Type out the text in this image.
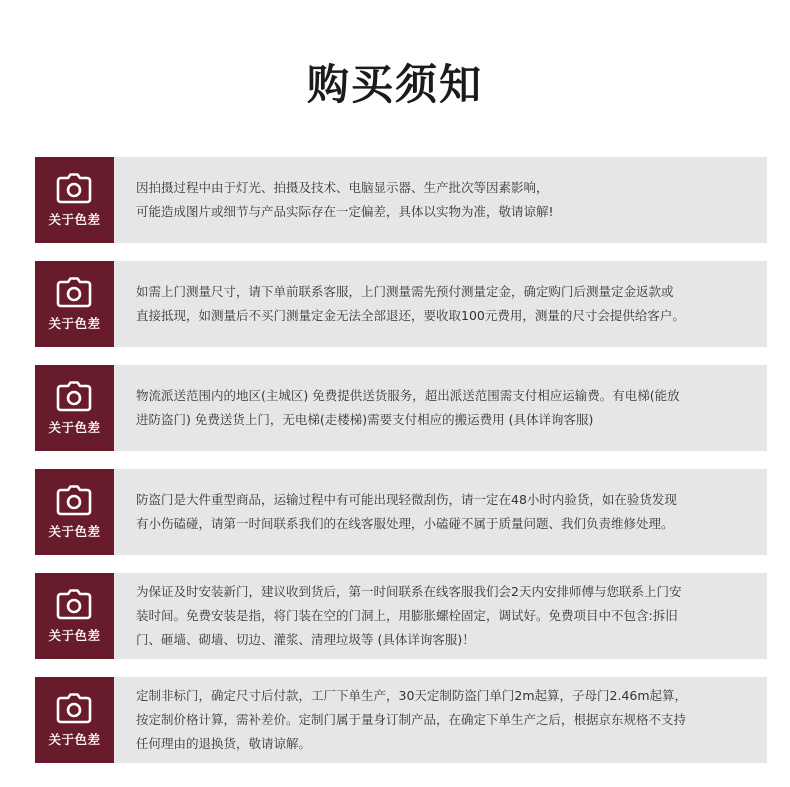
购买须知
关于色差
因拍摄过程中由于灯光、拍摄及技术、电脑显示器、生产批次等因素影响，
可能造成图片或细节与产品实际存在一定偏差，具体以实物为准，敬请谅解!
关于色差
如需上门测量尺寸，请下单前联系客服，上门测量需先预付测量定金，确定购门后测量定金返款或
直接抵现，如测量后不买门测量定金无法全部退还，要收取100元费用，测量的尺寸会提供给客户。
关于色差
物流派送范围内的地区(主城区) 免费提供送货服务，超出派送范围需支付相应运输费。有电梯(能放
进防盗门) 免费送货上门，无电梯(走楼梯)需要支付相应的搬运费用 (具体详询客服)
关于色差
防盗门是大件重型商品，运输过程中有可能出现轻微刮伤，请一定在48小时内验货，如在验货发现
有小伤磕碰，请第一时间联系我们的在线客服处理，小磕碰不属于质量问题、我们负责维修处理。
关于色差
为保证及时安装新门，建议收到货后，第一时间联系在线客服我们会2天内安排师傅与您联系上门安
装时间。免费安装是指，将门装在空的门洞上，用膨胀螺栓固定，调试好。免费项目中不包含:拆旧
门、砸墙、砌墙、切边、灌浆、清理垃圾等 (具体详询客服)！
关于色差
定制非标门，确定尺寸后付款，工厂下单生产，30天定制防盗门单门2m起算，子母门2.46m起算，
按定制价格计算，需补差价。定制门属于量身订制产品，在确定下单生产之后，根据京东规格不支持
任何理由的退换货，敬请谅解。
